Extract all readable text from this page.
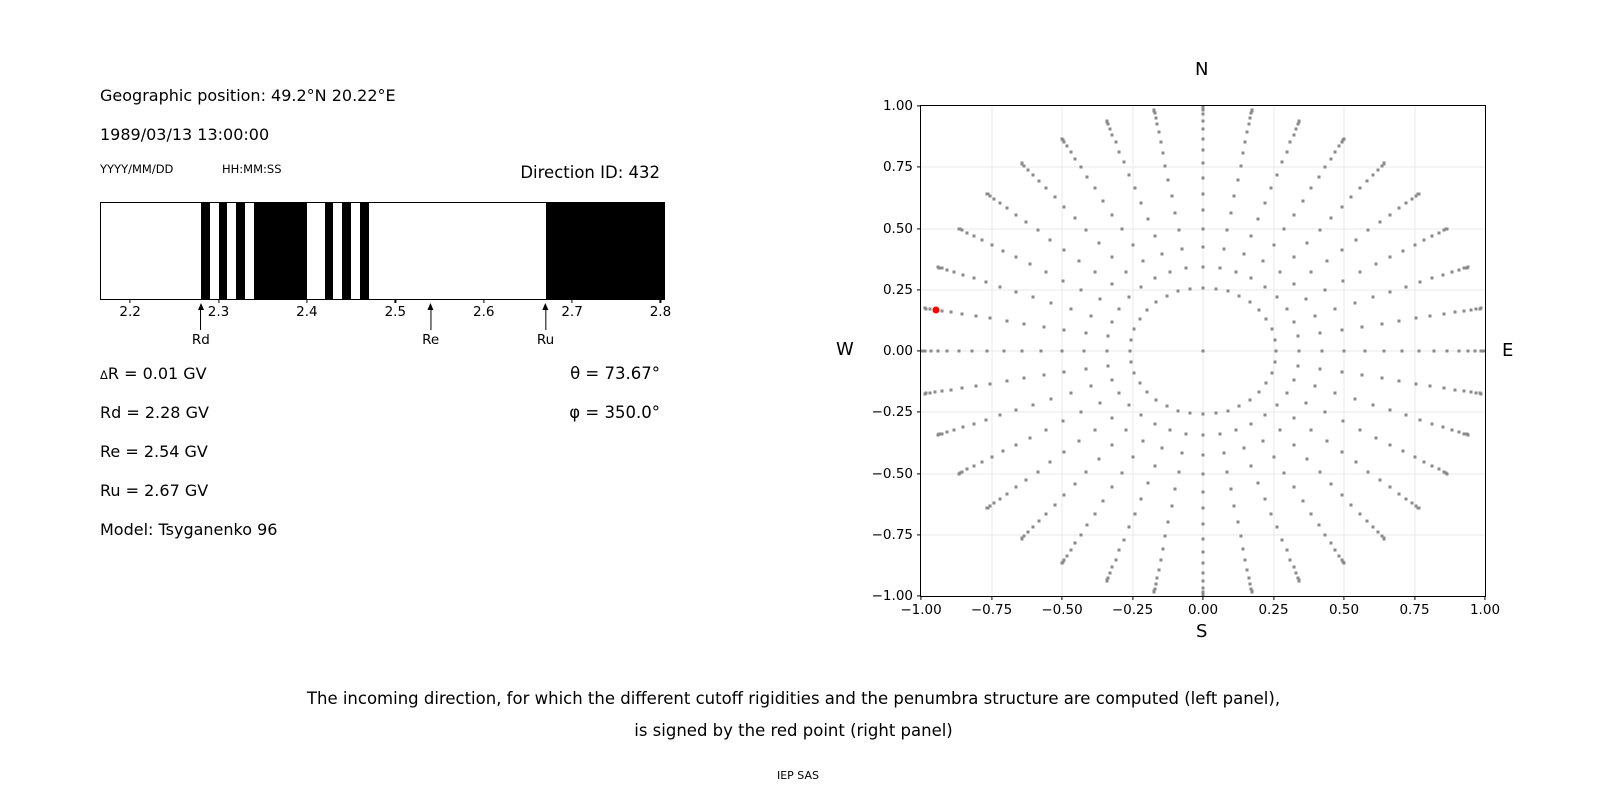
Geographic position: 49.2°N 20.22°E
1989/03/13 13:00:00
YYYY/MM/DD	HH:MM:SS	Direction ID: 432
2.2	2.3	2.4	2.5	2.6	2.7	2.8
Rd	Re	Ru
ΔR = 0.01 GV
Rd = 2.28 GV
Re = 2.54 GV
Ru = 2.67 GV
Model: Tsyganenko 96
θ = 73.67°
φ = 350.0°
N
S
W	E
−1.00 −0.75 −0.50 −0.25	0.00	0.25	0.50	0.75	1.00
1.00
0.75
0.50
0.25
0.00
−0.25
−0.50
−0.75
−1.00
The incoming direction, for which the different cutoff rigidities and the penumbra structure are computed (left panel),
is signed by the red point (right panel)
IEP SAS
